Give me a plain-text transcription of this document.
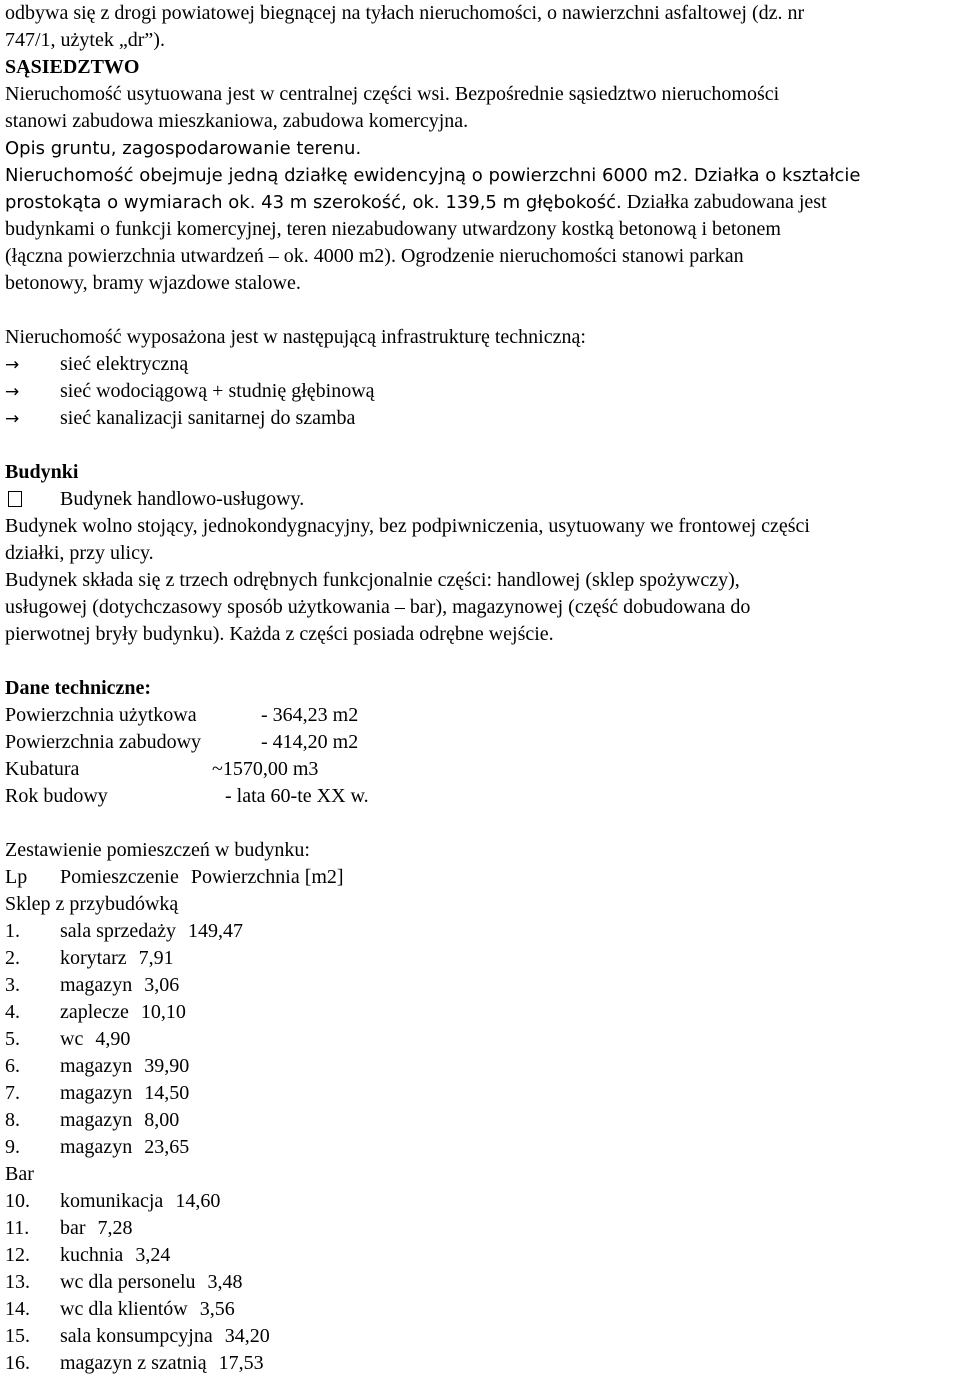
odbywa się z drogi powiatowej biegnącej na tyłach nieruchomości, o nawierzchni asfaltowej (dz. nr
747/1, użytek „dr”).
SĄSIEDZTWO
Nieruchomość usytuowana jest w centralnej części wsi. Bezpośrednie sąsiedztwo nieruchomości
stanowi zabudowa mieszkaniowa, zabudowa komercyjna.
Opis gruntu, zagospodarowanie terenu.
Nieruchomość obejmuje jedną działkę ewidencyjną o powierzchni 6000 m2. Działka o kształcie
prostokąta o wymiarach ok. 43 m szerokość, ok. 139,5 m głębokość. Działka zabudowana jest
budynkami o funkcji komercyjnej, teren niezabudowany utwardzony kostką betonową i betonem
(łączna powierzchnia utwardzeń – ok. 4000 m2). Ogrodzenie nieruchomości stanowi parkan
betonowy, bramy wjazdowe stalowe.
Nieruchomość wyposażona jest w następującą infrastrukturę techniczną:
→ sieć elektryczną
→ sieć wodociągową + studnię głębinową
→ sieć kanalizacji sanitarnej do szamba
Budynki
Budynek handlowo-usługowy.
Budynek wolno stojący, jednokondygnacyjny, bez podpiwniczenia, usytuowany we frontowej części
działki, przy ulicy.
Budynek składa się z trzech odrębnych funkcjonalnie części: handlowej (sklep spożywczy),
usługowej (dotychczasowy sposób użytkowania – bar), magazynowej (część dobudowana do
pierwotnej bryły budynku). Każda z części posiada odrębne wejście.
Dane techniczne:
Powierzchnia użytkowa	- 364,23 m2
Powierzchnia zabudowy	- 414,20 m2
Kubatura	~1570,00 m3
Rok budowy	- lata 60-te XX w.
Zestawienie pomieszczeń w budynku:
Lp Pomieszczenie Powierzchnia [m2]
Sklep z przybudówką
1. sala sprzedaży 149,47
2. korytarz 7,91
3. magazyn 3,06
4. zaplecze 10,10
5. wc 4,90
6. magazyn 39,90
7. magazyn 14,50
8. magazyn 8,00
9. magazyn 23,65
Bar
10. komunikacja 14,60
11. bar 7,28
12. kuchnia 3,24
13. wc dla personelu 3,48
14. wc dla klientów 3,56
15. sala konsumpcyjna 34,20
16. magazyn z szatnią 17,53
